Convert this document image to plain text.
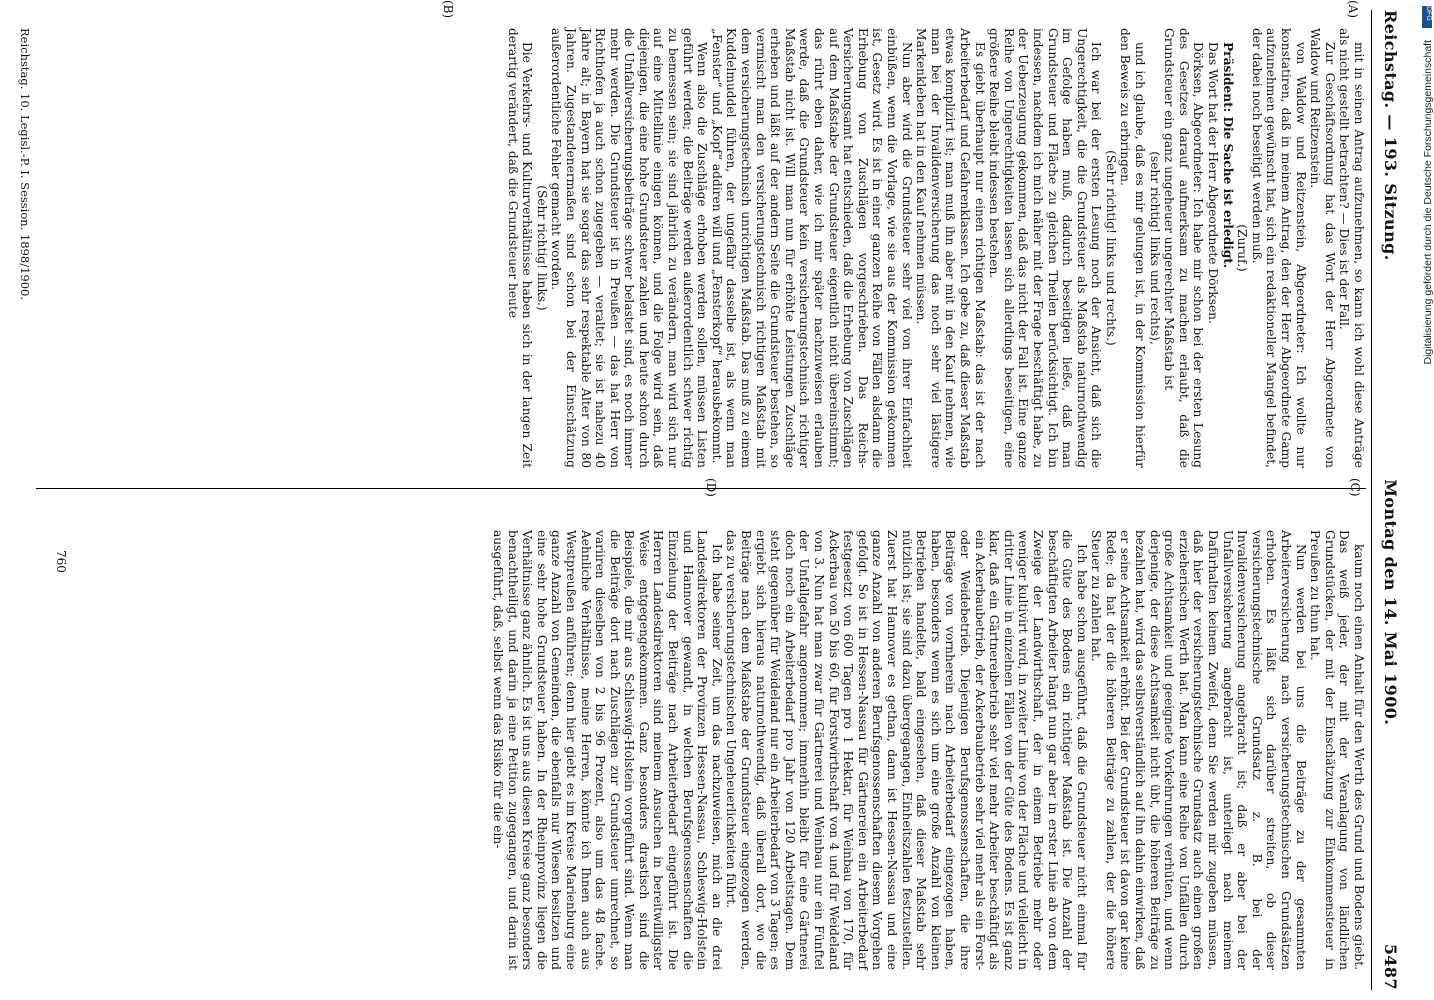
Reichstag. — 193. Sitzung.
Montag den 14. Mai 1900.
5487
(A)
(B)
(C)
(D)

mit in seinen Antrag aufzunehmen, so kann ich wohl diese Anträge als nicht gestellt betrachten? — Dies ist der Fall.

Zur Geschäftsordnung hat das Wort der Herr Abgeordnete von Waldow und Reitzenstein.

von Waldow und Reitzenstein, Abgeordneter: Ich wollte nur konstatiren, daß in meinem Antrag, den der Herr Abgeordnete Gamp aufzunehmen gewünscht hat, sich ein redaktioneller Mangel befindet, der dabei noch beseitigt werden muß.

(Zuruf.)

Präsident: Die Sache ist erledigt.

Das Wort hat der Herr Abgeordnete Dörksen.

Dörksen, Abgeordneter: Ich habe mir schon bei der ersten Lesung des Gesetzes darauf aufmerksam zu machen erlaubt, daß die Grundsteuer ein ganz ungeheuer ungerechter Maßstab ist

(sehr richtig! links und rechts),

und ich glaube, daß es mir gelungen ist, in der Kommission hierfür den Beweis zu erbringen.

(Sehr richtig! links und rechts.)

Ich war bei der ersten Lesung noch der Ansicht, daß sich die Ungerechtigkeit, die die Grundsteuer als Maßstab naturnothwendig im Gefolge haben muß, dadurch beseitigen ließe, daß man Grundsteuer und Fläche zu gleichen Theilen berücksichtigt. Ich bin indessen, nachdem ich mich näher mit der Frage beschäftigt habe, zu der Ueberzeugung gekommen, daß das nicht der Fall ist. Eine ganze Reihe von Ungerechtigkeiten lassen sich allerdings beseitigen, eine größere Reihe bleibt indessen bestehen.

Es giebt überhaupt nur einen richtigen Maßstab: das ist der nach Arbeiterbedarf und Gefahrenklassen. Ich gebe zu, daß dieser Maßstab etwas komplizirt ist; man muß ihn aber mit in den Kauf nehmen, wie man bei der Invalidenversicherung das noch sehr viel lästigere Markenkleben hat in den Kauf nehmen müssen.

Nun aber wird die Grundsteuer sehr viel von ihrer Einfachheit einbüßen, wenn die Vorlage, wie sie aus der Kommission gekommen ist, Gesetz wird. Es ist in einer ganzen Reihe von Fällen alsdann die Erhebung von Zuschlägen vorgeschrieben. Das Reichs-Versicherungsamt hat entschieden, daß die Erhebung von Zuschlägen auf dem Maßstabe der Grundsteuer eigentlich nicht übereinstimmt; das rührt eben daher, wie ich mir später nachzuweisen erlauben werde, daß die Grundsteuer kein versicherungstechnisch richtiger Maßstab nicht ist. Will man nun für erhöhte Leistungen Zuschläge erheben und läßt auf der andern Seite die Grundsteuer bestehen, so vermischt man den versicherungstechnisch richtigen Maßstab mit dem versicherungstechnisch unrichtigen Maßstab. Das muß zu einem Kuddelmuddel führen, der ungefähr dasselbe ist, als wenn man „Fenster“ und „Kopf“ addiren will und „Fensterkopf“ herausbekommt.

Wenn also die Zuschläge erhoben werden sollen, müssen Listen geführt werden; die Beiträge werden außerordentlich schwer richtig zu bemessen sein; sie sind jährlich zu verändern, man wird sich nur auf eine Mittellinie einigen können, und die Folge wird sein, daß diejenigen, die eine hohe Grundsteuer zahlen und heute schon durch die Unfallversicherungsbeiträge schwer belastet sind, es noch immer mehr werden. Die Grundsteuer ist in Preußen — das hat Herr von Richthofen ja auch schon zugegeben — veraltet; sie ist nahezu 40 Jahre alt; in Bayern hat sie sogar das sehr respektable Alter von 80 Jahren. Zugestandenermaßen sind schon bei der Einschätzung außerordentliche Fehler gemacht worden.

(Sehr richtig! links.)

Die Verkehrs- und Kulturverhältnisse haben sich in der langen Zeit derartig verändert, daß die Grundsteuer heute

kaum noch einen Anhalt für den Werth des Grund und Bodens giebt. Das weiß jeder, der mit der Veranlagung von ländlichen Grundstücken, der mit der Einschätzung zur Einkommensteuer in Preußen zu thun hat.

Nun werden bei uns die Beiträge zu der gesammten Arbeiterversicherung nach versicherungstechnischen Grundsätzen erhoben. Es läßt sich darüber streiten, ob dieser versicherungstechnische Grundsatz z. B. bei der Invalidenversicherung angebracht ist; daß er aber bei der Unfallversicherung angebracht ist, unterliegt nach meinem Dafürhalten keinem Zweifel, denn Sie werden mir zugeben müssen, daß hier der versicherungstechnische Grundsatz auch einen großen erzieherischen Werth hat. Man kann eine Reihe von Unfällen durch große Achtsamkeit und geeignete Vorkehrungen verhüten, und wenn derjenige, der diese Achtsamkeit nicht übt, die höheren Beiträge zu bezahlen hat, wird das selbstverständlich auf ihn dahin einwirken, daß er seine Achtsamkeit erhöht. Bei der Grundsteuer ist davon gar keine Rede; da hat der die höheren Beiträge zu zahlen, der die höhere Steuer zu zahlen hat.

Ich habe schon ausgeführt, daß die Grundsteuer nicht einmal für die Güte des Bodens ein richtiger Maßstab ist. Die Anzahl der beschäftigten Arbeiter hängt nun gar aber in erster Linie ab von dem Zweige der Landwirthschaft, der in einem Betriebe mehr oder weniger kultivirt wird, in zweiter Linie von der Fläche und vielleicht in dritter Linie in einzelnen Fällen von der Güte des Bodens. Es ist ganz klar, daß ein Gärtnereibetrieb sehr viel mehr Arbeiter beschäftigt als ein Ackerbaubetrieb, der Ackerbaubetrieb sehr viel mehr als ein Forst- oder Weidebetrieb. Diejenigen Berufsgenossenschaften, die ihre Beiträge von vornherein nach Arbeiterbedarf eingezogen haben, haben, besonders wenn es sich um eine große Anzahl von kleinen Betrieben handelte, bald eingesehen, daß dieser Maßstab sehr nützlich ist; sie sind dazu übergegangen, Einheitszahlen festzustellen. Zuerst hat Hannover es gethan, dann ist Hessen-Nassau und eine ganze Anzahl von anderen Berufsgenossenschaften diesem Vorgehen gefolgt. So ist in Hessen-Nassau für Gärtnereien ein Arbeiterbedarf festgesetzt von 600 Tagen pro 1 Hektar, für Weinbau von 170, für Ackerbau von 50 bis 60, für Forstwirthschaft von 4 und für Weideland von 3. Nun hat man zwar für Gärtnerei und Weinbau nur ein Fünftel der Unfallgefahr angenommen; immerhin bleibt für eine Gärtnerei doch noch ein Arbeiterbedarf pro Jahr von 120 Arbeitstagen. Dem steht gegenüber für Weideland nur ein Arbeiterbedarf von 3 Tagen; es ergiebt sich hieraus naturnothwendig, daß überall dort, wo die Beiträge nach dem Maßstabe der Grundsteuer eingezogen werden, das zu versicherungstechnischen Ungeheuerlichkeiten führt.

Ich habe seiner Zeit, um das nachzuweisen, mich an die drei Landesdirektoren der Provinzen Hessen-Nassau, Schleswig-Holstein und Hannover gewandt, in welchen Berufsgenossenschaften die Einziehung der Beiträge nach Arbeiterbedarf eingeführt ist. Die Herren Landesdirektoren sind meinem Ansuchen in bereitwilligster Weise entgegengekommen. Ganz besonders drastisch sind die Beispiele, die mir aus Schleswig-Holstein vorgeführt sind. Wenn man die Beiträge dort nach Zuschlägen zur Grundsteuer umrechnet, so variiren dieselben von 2 bis 96 Prozent, also um das 48 fache. Aehnliche Verhältnisse, meine Herren, könnte ich Ihnen auch aus Westpreußen anführen; denn hier giebt es im Kreise Marienburg eine ganze Anzahl von Gemeinden, die ebenfalls nur Wiesen besitzen und eine sehr hohe Grundsteuer haben. In der Rheinprovinz liegen die Verhältnisse ganz ähnlich. Es ist uns aus diesen Kreise ganz besonders benachtheiligt, und darin ja eine Petition zugegangen, und darin ist ausgeführt, daß, selbst wenn das Risiko für die ein-

Reichstag. 10. Legisl.-P. I. Session. 1898/1900.
760
DFG
Digitalisierung gefördert durch die Deutsche Forschungsgemeinschaft
